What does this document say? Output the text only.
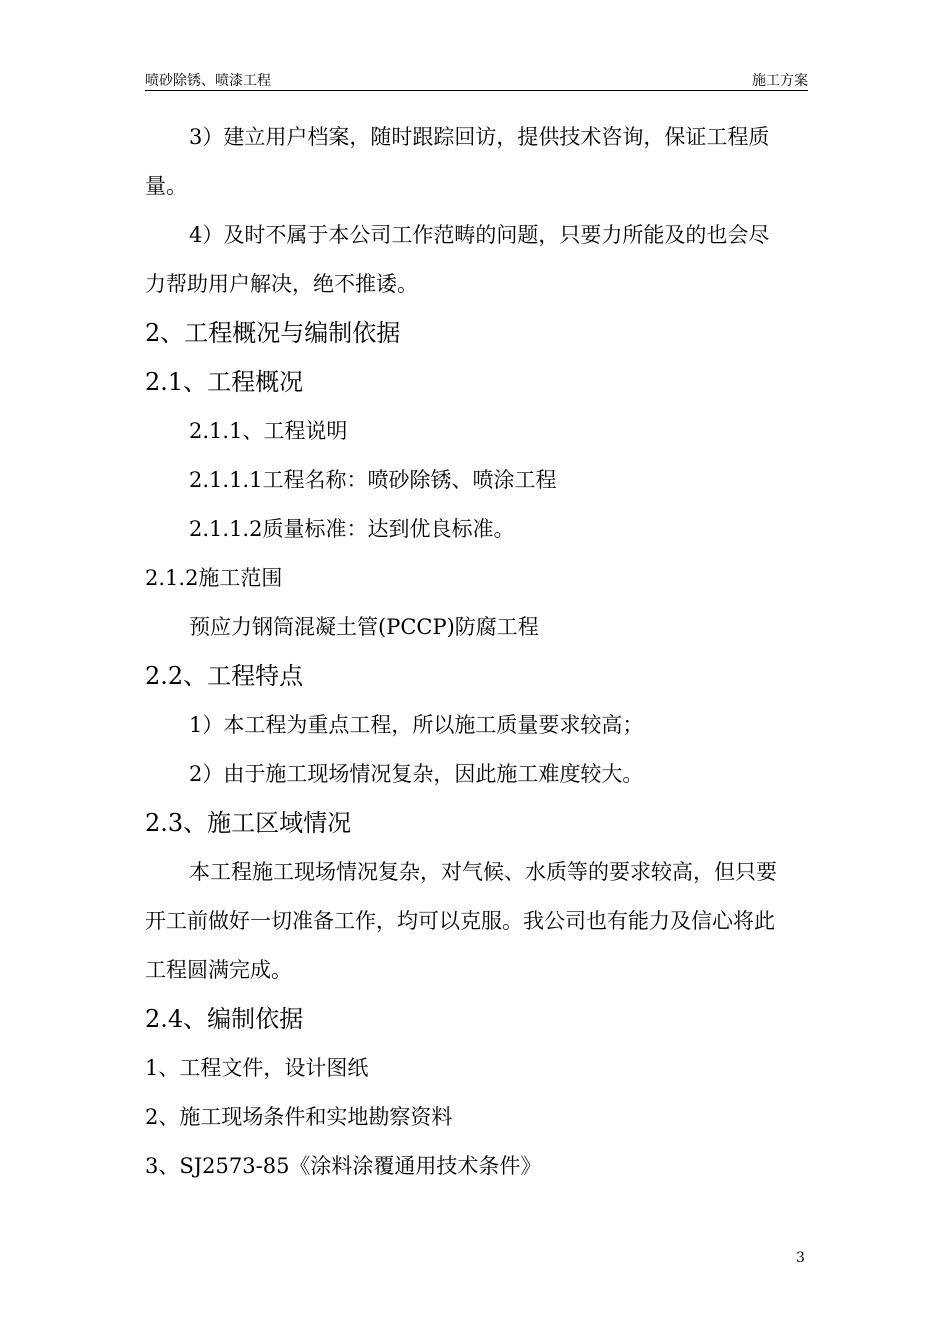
喷砂除锈、喷漆工程	施工方案

3）建立用户档案，随时跟踪回访，提供技术咨询，保证工程质

量。

4）及时不属于本公司工作范畴的问题，只要力所能及的也会尽

力帮助用户解决，绝不推诿。

2、工程概况与编制依据

2.1、工程概况

2.1.1、工程说明

2.1.1.1工程名称：喷砂除锈、喷涂工程

2.1.1.2质量标准：达到优良标准。

2.1.2施工范围

预应力钢筒混凝土管(PCCP)防腐工程

2.2、工程特点

1）本工程为重点工程，所以施工质量要求较高；

2）由于施工现场情况复杂，因此施工难度较大。

2.3、施工区域情况

本工程施工现场情况复杂，对气候、水质等的要求较高，但只要

开工前做好一切准备工作，均可以克服。我公司也有能力及信心将此

工程圆满完成。

2.4、编制依据

1、工程文件，设计图纸

2、施工现场条件和实地勘察资料

3、SJ2573-85《涂料涂覆通用技术条件》

3
